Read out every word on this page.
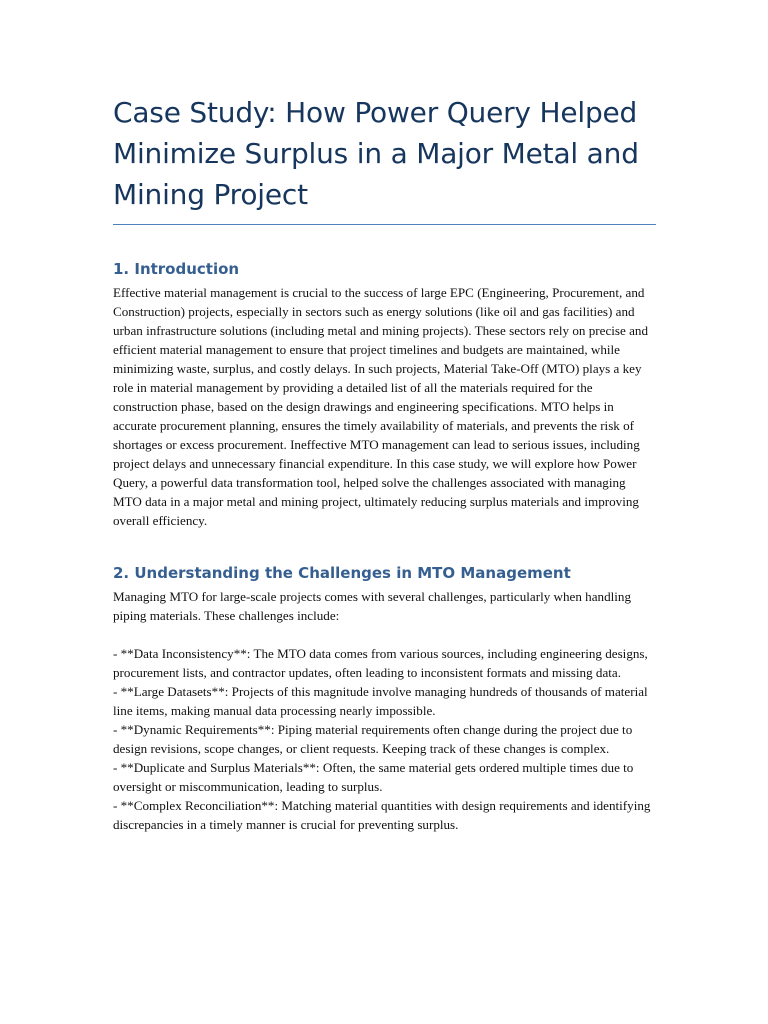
Case Study: How Power Query Helped Minimize Surplus in a Major Metal and Mining Project
1. Introduction

Effective material management is crucial to the success of large EPC (Engineering, Procurement, and Construction) projects, especially in sectors such as energy solutions (like oil and gas facilities) and urban infrastructure solutions (including metal and mining projects). These sectors rely on precise and efficient material management to ensure that project timelines and budgets are maintained, while minimizing waste, surplus, and costly delays. In such projects, Material Take-Off (MTO) plays a key role in material management by providing a detailed list of all the materials required for the construction phase, based on the design drawings and engineering specifications. MTO helps in accurate procurement planning, ensures the timely availability of materials, and prevents the risk of shortages or excess procurement. Ineffective MTO management can lead to serious issues, including project delays and unnecessary financial expenditure. In this case study, we will explore how Power Query, a powerful data transformation tool, helped solve the challenges associated with managing MTO data in a major metal and mining project, ultimately reducing surplus materials and improving overall efficiency.

2. Understanding the Challenges in MTO Management

Managing MTO for large-scale projects comes with several challenges, particularly when handling piping materials. These challenges include:

- **Data Inconsistency**: The MTO data comes from various sources, including engineering designs, procurement lists, and contractor updates, often leading to inconsistent formats and missing data.

- **Large Datasets**: Projects of this magnitude involve managing hundreds of thousands of material line items, making manual data processing nearly impossible.

- **Dynamic Requirements**: Piping material requirements often change during the project due to design revisions, scope changes, or client requests. Keeping track of these changes is complex.

- **Duplicate and Surplus Materials**: Often, the same material gets ordered multiple times due to oversight or miscommunication, leading to surplus.

- **Complex Reconciliation**: Matching material quantities with design requirements and identifying discrepancies in a timely manner is crucial for preventing surplus.
